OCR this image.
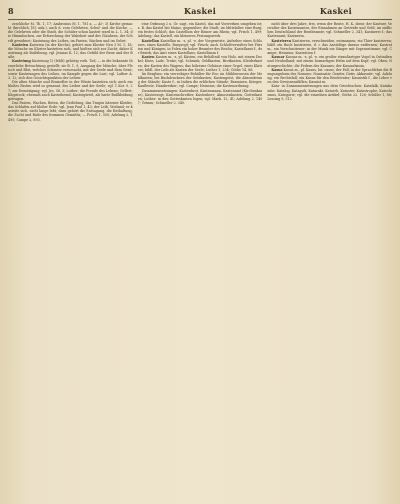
8	Kaskei	Kaskei

zeschliche M. Th. 1, 17; Ambrosius M. 1, 781 a. — Al-; 3) Kirche gemacht (kirchlich, [8]. unk.), auch d. vom Gelehrten, Schul- und die Kirche. — die Gelehrten oder die Stadt, die Schüler schon kasteit ward in L. 1, 34; die Himmlischen, zur Erforschung der Wahrheit und des Glaubens, der Schrift gewidmet; Kasteiung des Leibes, im Fasten, Wachen und im Gebet.

Kasteien Kasteien (in der Kirche), gehört zum Kloster Neu 3 M. 1, 18; die Mönche im Kloster kasteiten sich, und hielten sich zur Zucht; daher Kasteiung als Bußübung, vgl. Jesaias K. 12; das Gefühl der Reue und der Buße.

Kasteiung Kasteiung 1) (fehlt) gehörig vorh. Tod; — in die bekannte theuerliche Betrachtung gestellt; sie B. 1, 9; Ausgang der Mönche; über Fleisch und Blut, welches Schmerz verursacht, mit der Seele und dem Geist; sowie Kasteiungen des Leibes, im Kampfe gegen die Lust; vgl. Luther A. 3, 12; sich den Gesichtspunkten der Lehrer.

Die alten Mönche und Einsiedler in der Wüste kasteiten sich; auch ein bloßes Fasten wird so genannt, des Leibes und der Seele; vgl. 1 Kor. 9, 27; zur Demütigung; vgl. Jes. 58, 3; Luther; die Freude des Lebens; Gellert; Klopstock; ehemals auch Kasteihemd, Kasteigürtel, als harte Bußkleidung getragen.

Das Fasten, Wachen, Beten, die Geißelung, das Tragen härener Kleider, das Schlafen auf bloßer Erde; vgl. Jean Paul 1, 43; der Leib, Wieland; er kasteite sich, nicht lange lebt; dazu gehört die Entsagung, die Enthaltung, die Zucht und Buße des frommen Gemüths; — Frisch 1, 500; Adelung 2, 1495; Campe 2, 893.

eine Ordnung 2 u. Gr. sagt, ein Kastel, das mit Vorwerken umgeben ist; z. B. das Kastel bei Mainz, gegenüber; die Stadt; im Mittelalter eine Burg, ein festes Schloß; das Castellum der Römer am Rhein; vgl. Frisch 1, 499; Adelung; das Kastell, ein kleineres Festungswerk.

Kastellan Kastellan m. -s, pl. -e, der Vorgesetzte, Aufseher eines Schlosses, eines Kastells; Burgvogt; vgl. Frisch; auch Schloßverwalter bei Fürsten und Königen; in Polen ein hoher Beamter des Reichs; Kastellanei f., der Bezirk, das Amt eines Kastellans; Kastellanin f.

Kasten Kasten m. -s, pl. Kästen, ein Behältniß von Holz, mit einem Deckel; Kiste, Lade, Truhe; vgl. Schrank; Geldkasten, Brotkasten, Kleiderkasten; der Kasten des Wagens; das hölzerne Gehäuse einer Orgel, eines Klaviers; bildl. der Leib als Kasten der Seele; Luther 1, 234; Göthe 14, 88.

Im Bergbau: ein viereckiger Behälter für Erz; im Mühlenwesen der Mehlkasten; bei Buchdruckern der Setzkasten; Kastengeist, die Absonderung der Stände; Kaste f., in Indien die erblichen Stände; Braminen, Krieger, Kaufleute, Handwerker; vgl. Campe; Heinsius; die Kastenordnung.

Zusammensetzungen: Kastenbrot, Kastenmann, Kastenamt (Kirchenkasse), Kastenvogt, Kastenschreiber, Kastenherr; Almosenkasten, Gotteskasten; Luther: in den Gotteskasten legen; vgl. Mark. 12, 41; Adelung 2, 1497; Grimm; Schmeller 2, 340.

nicht über drei Jahre, frei, wenn der Rente, H. K. dient; der Kastner, Verwalter des Kastenamtes, der Einnahmen an Getreide und Geld; im südlichen Deutschland der Rentbeamte; vgl. Schmeller 2, 341; Kastnerei f.; das Kastenamt; Kastnerin.

Kastrieren Kastrieren, verschneiden, entmannen; ein Thier kastrieren; bildl. ein Buch kastrieren, d. i. das Anstößige daraus entfernen; Kastrat m., ein Verschnittener; in der Musik ein Sänger mit Sopranstimme; vgl. Campe; Heinsius; Kastration f.

Kasuar Kasuar m. -s, pl. -e, ein großer straußartiger Vogel in Ostindien und Neuholland; mit einem hornartigen Helm auf dem Kopf; vgl. Oken; Naturgeschichte; die Federn des Kasuars; der Kasuarbaum.

Kasus Kasus m., pl. Kasus, lat. casus, der Fall; in der Sprachlehre die Beugungsform des Nomens: Nominativ, Genitiv, Dativ, Akkusativ; vgl. Adelung; ein Rechtsfall; ein Kasus für den Beichtvater; Kasuistik f., die Lehre von den Gewissensfällen; Kasuist m.

Kata- in Zusammensetzungen aus dem Griechischen: Katafalk, Katakombe, Katalog, Katapult, Katarakt, Katarrh, Kataster, Katastrophe, Katechismus, Kategorie; vgl. die einzelnen Artikel; Göthe 22, 126; Schiller 1, 88; Lessing 9, 312.
